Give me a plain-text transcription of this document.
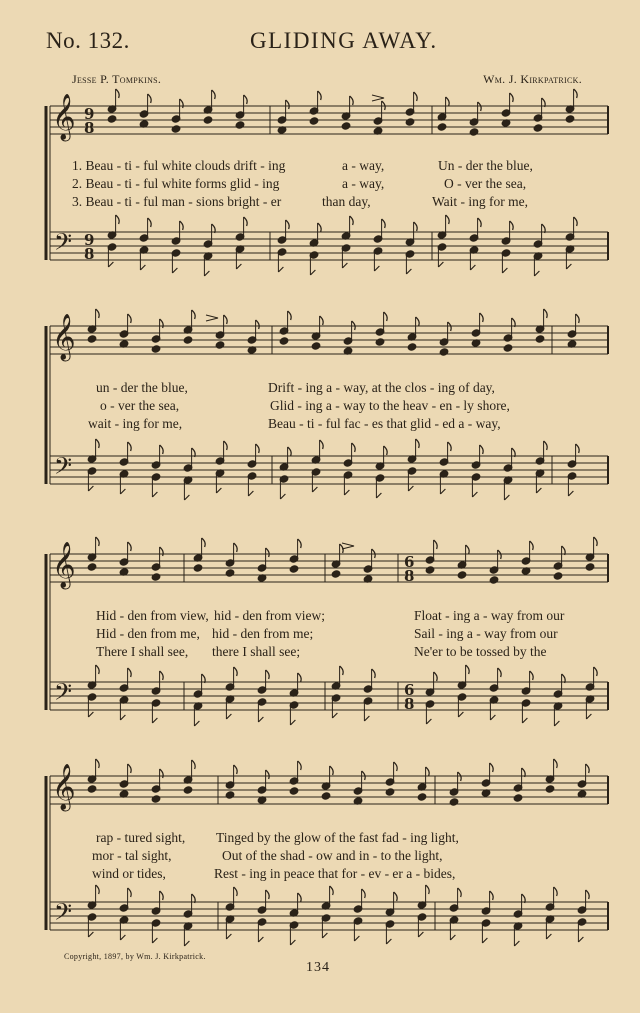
No. 132.	GLIDING AWAY.
Jesse P. Tompkins.	Wm. J. Kirkpatrick.
𝄞
𝄢
9
8
9
8
𝄞
𝄢
𝄞
𝄢
6
8
6
8
𝄞
𝄢
1. Beau - ti - ful white clouds drift - ing	a - way,	Un - der the blue,
2. Beau - ti - ful white forms glid - ing	a - way,	O - ver the sea,
3. Beau - ti - ful man - sions bright - er	than day,	Wait - ing for me,
un - der the blue,	Drift - ing a - way, at the clos - ing of day,
o - ver the sea,	Glid - ing a - way to the heav - en - ly shore,
wait - ing for me,	Beau - ti - ful fac - es that glid - ed a - way,
Hid - den from view, hid - den from view;	Float - ing a - way from our
Hid - den from me, hid - den from me;	Sail - ing a - way from our
There I shall see, there I shall see;	Ne'er to be tossed by the
rap - tured sight, Tinged by the glow of the fast fad - ing light,
mor - tal sight,	Out of the shad - ow and in - to the light,
wind or tides,	Rest - ing in peace that for - ev - er a - bides,
Copyright, 1897, by Wm. J. Kirkpatrick.
134
